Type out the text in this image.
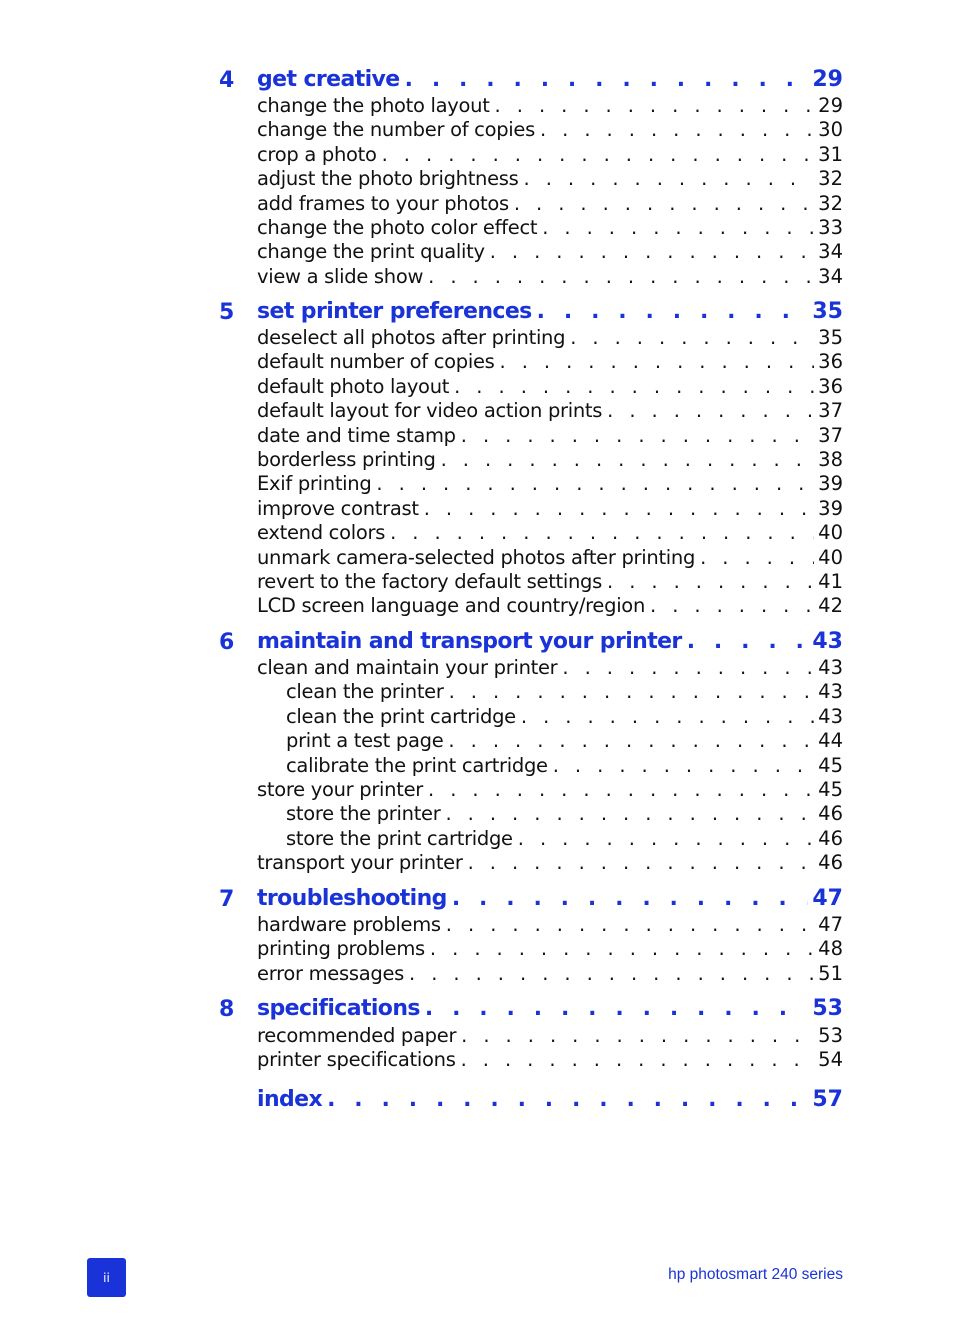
4	get creative . . .	29
change the photo layout . . .	29
change the number of copies . . .	30
crop a photo . . .	31
adjust the photo brightness . . .	32
add frames to your photos . . .	32
change the photo color effect . . .	33
change the print quality . . .	34
view a slide show . . .	34
5	set printer preferences . . .	35
deselect all photos after printing . . .	35
default number of copies . . .	36
default photo layout . . .	36
default layout for video action prints . . .	37
date and time stamp . . .	37
borderless printing . . .	38
Exif printing . . .	39
improve contrast . . .	39
extend colors . . .	40
unmark camera-selected photos after printing . . .	40
revert to the factory default settings . . .	41
LCD screen language and country/region . . .	42
6	maintain and transport your printer . . .	43
clean and maintain your printer . . .	43
clean the printer . . .	43
clean the print cartridge . . .	43
print a test page . . .	44
calibrate the print cartridge . . .	45
store your printer . . .	45
store the printer . . .	46
store the print cartridge . . .	46
transport your printer . . .	46
7	troubleshooting . . .	47
hardware problems . . .	47
printing problems . . .	48
error messages . . .	51
8	specifications . . .	53
recommended paper . . .	53
printer specifications . . .	54
index . . .	57
ii	hp photosmart 240 series
